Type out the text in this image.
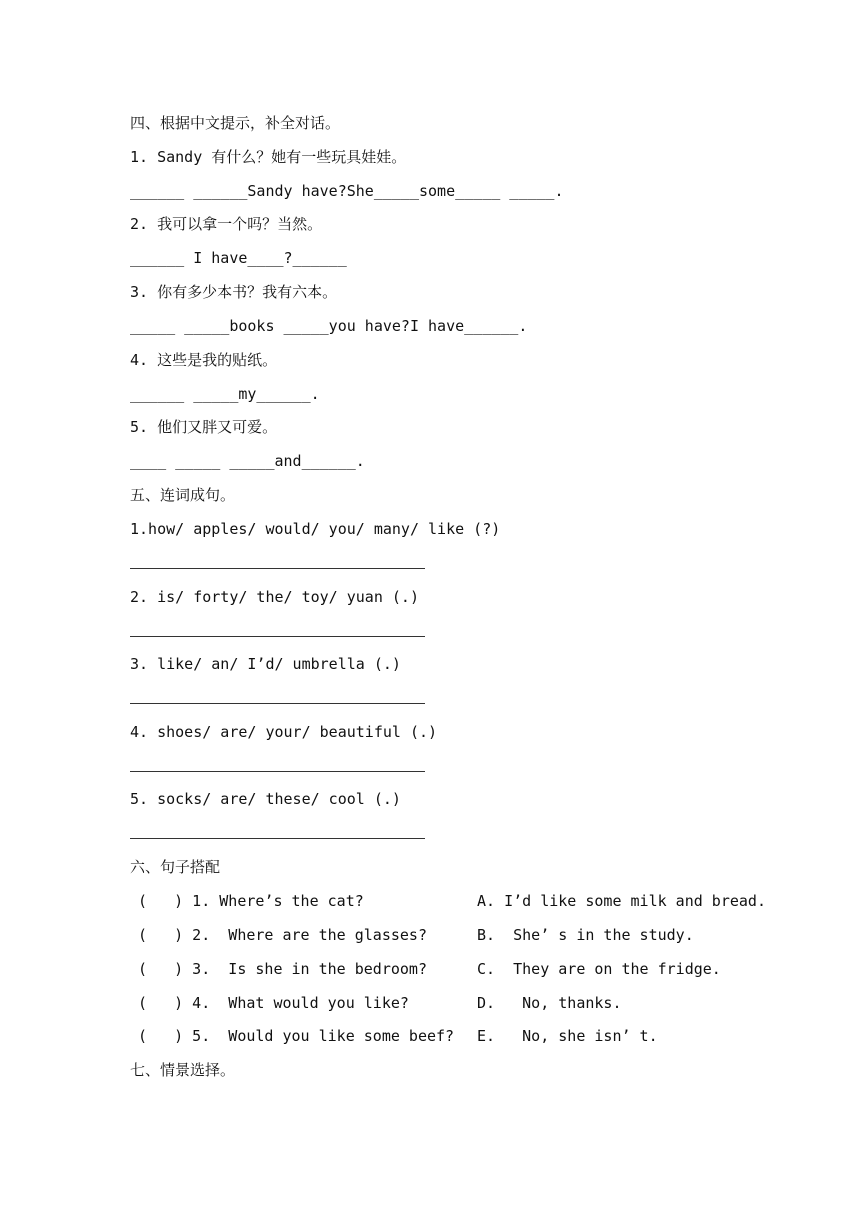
四、根据中文提示，补全对话。
1. Sandy 有什么？她有一些玩具娃娃。
______ ______Sandy have?She_____some_____ _____.
2. 我可以拿一个吗？当然。
______ I have____?______
3. 你有多少本书？我有六本。
_____ _____books _____you have?I have______.
4. 这些是我的贴纸。
______ _____my______.
5. 他们又胖又可爱。
____ _____ _____and______.
五、连词成句。
1.how/ apples/ would/ you/ many/ like (?)
2. is/ forty/ the/ toy/ yuan (.)
3. like/ an/ I’d/ umbrella (.)
4. shoes/ are/ your/ beautiful (.)
5. socks/ are/ these/ cool (.)
六、句子搭配
(   ) 1. Where’s the cat?	A. I’d like some milk and bread.
(   ) 2.  Where are the glasses?	B.  She’ s in the study.
(   ) 3.  Is she in the bedroom?	C.  They are on the fridge.
(   ) 4.  What would you like?	D.   No, thanks.
(   ) 5.  Would you like some beef? E.   No, she isn’ t.
七、情景选择。
